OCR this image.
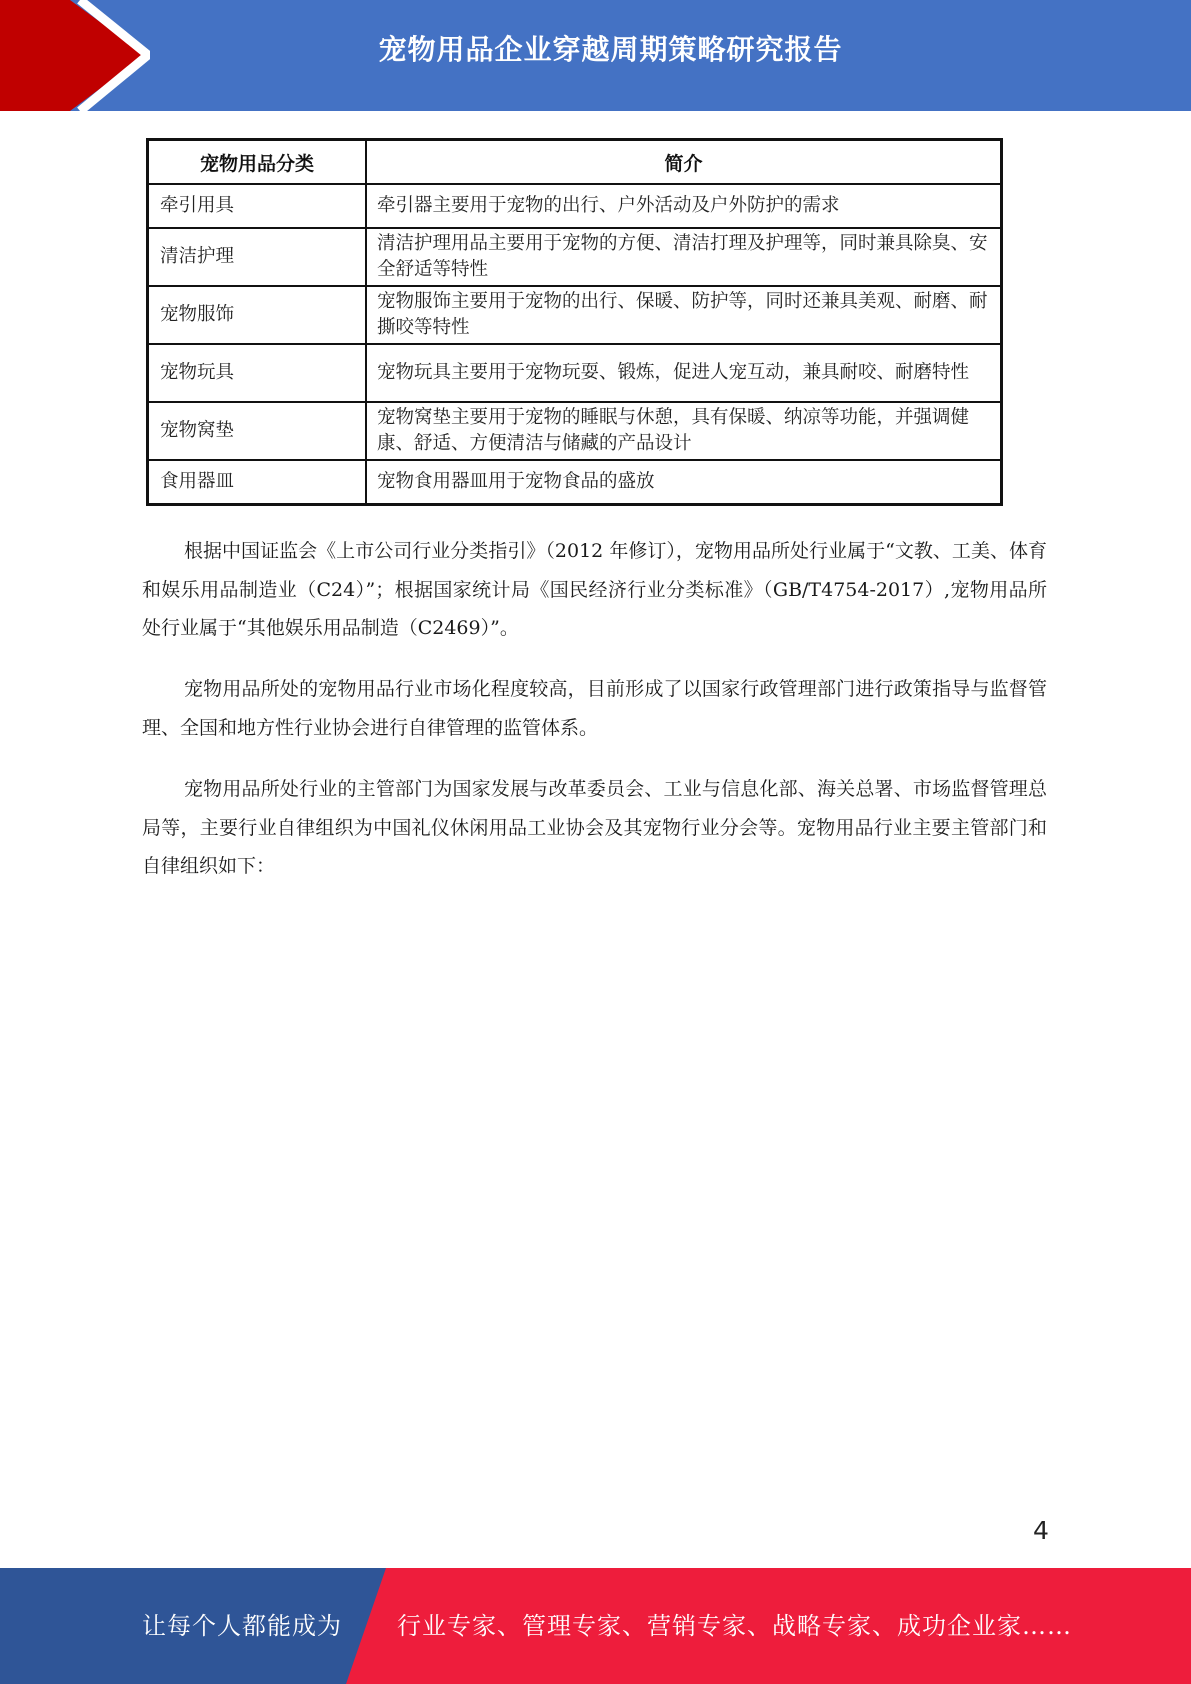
宠物用品企业穿越周期策略研究报告
宠物用品分类	简介
牵引用具	牵引器主要用于宠物的出行、户外活动及户外防护的需求
清洁护理	清洁护理用品主要用于宠物的方便、清洁打理及护理等，同时兼具除臭、安全舒适等特性
宠物服饰	宠物服饰主要用于宠物的出行、保暖、防护等，同时还兼具美观、耐磨、耐撕咬等特性
宠物玩具	宠物玩具主要用于宠物玩耍、锻炼，促进人宠互动，兼具耐咬、耐磨特性
宠物窝垫	宠物窝垫主要用于宠物的睡眠与休憩，具有保暖、纳凉等功能，并强调健康、舒适、方便清洁与储藏的产品设计
食用器皿	宠物食用器皿用于宠物食品的盛放

根据中国证监会《上市公司行业分类指引》（2012 年修订），宠物用品所处行业属于“文教、工美、体育和娱乐用品制造业（C24）”；根据国家统计局《国民经济行业分类标准》（GB/T4754-2017）,宠物用品所处行业属于“其他娱乐用品制造（C2469）”。

宠物用品所处的宠物用品行业市场化程度较高，目前形成了以国家行政管理部门进行政策指导与监督管理、全国和地方性行业协会进行自律管理的监管体系。

宠物用品所处行业的主管部门为国家发展与改革委员会、工业与信息化部、海关总署、市场监督管理总局等，主要行业自律组织为中国礼仪休闲用品工业协会及其宠物行业分会等。宠物用品行业主要主管部门和自律组织如下：

4
让每个人都能成为 行业专家、管理专家、营销专家、战略专家、成功企业家……
